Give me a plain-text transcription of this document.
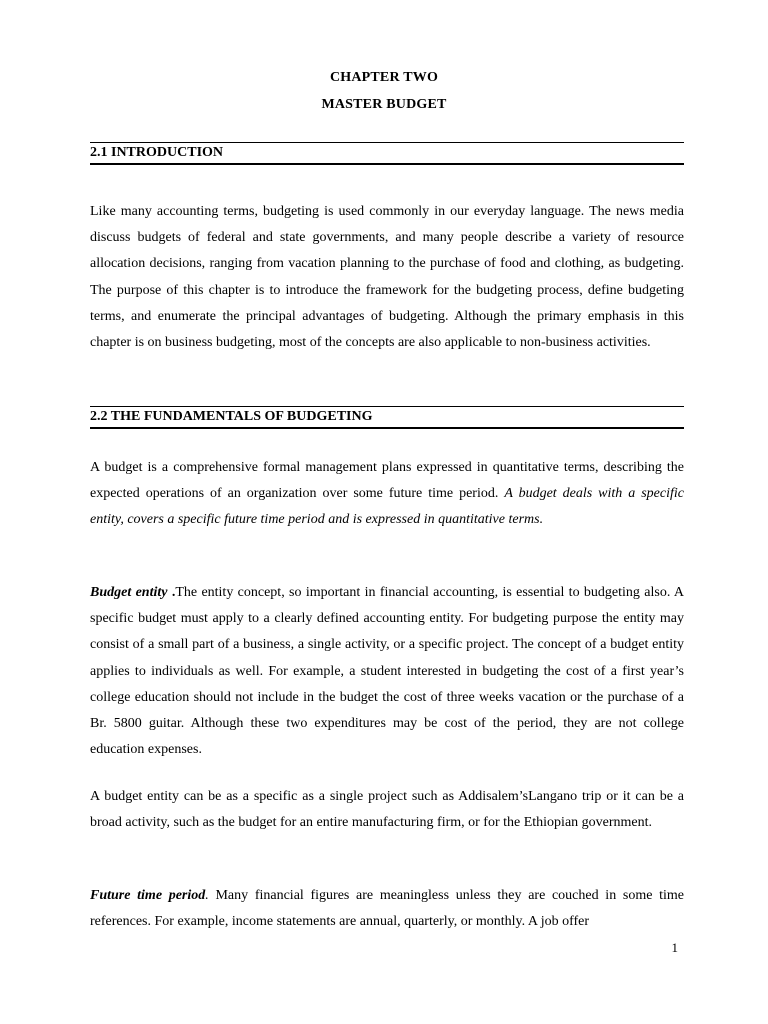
CHAPTER TWO
MASTER BUDGET
2.1 INTRODUCTION

Like many accounting terms, budgeting is used commonly in our everyday language. The news media discuss budgets of federal and state governments, and many people describe a variety of resource allocation decisions, ranging from vacation planning to the purchase of food and clothing, as budgeting. The purpose of this chapter is to introduce the framework for the budgeting process, define budgeting terms, and enumerate the principal advantages of budgeting. Although the primary emphasis in this chapter is on business budgeting, most of the concepts are also applicable to non-business activities.

2.2 THE FUNDAMENTALS OF BUDGETING

A budget is a comprehensive formal management plans expressed in quantitative terms, describing the expected operations of an organization over some future time period. A budget deals with a specific entity, covers a specific future time period and is expressed in quantitative terms.

Budget entity .The entity concept, so important in financial accounting, is essential to budgeting also. A specific budget must apply to a clearly defined accounting entity. For budgeting purpose the entity may consist of a small part of a business, a single activity, or a specific project. The concept of a budget entity applies to individuals as well. For example, a student interested in budgeting the cost of a first year’s college education should not include in the budget the cost of three weeks vacation or the purchase of a Br. 5800 guitar. Although these two expenditures may be cost of the period, they are not college education expenses.

A budget entity can be as a specific as a single project such as Addisalem’sLangano trip or it can be a broad activity, such as the budget for an entire manufacturing firm, or for the Ethiopian government.

Future time period. Many financial figures are meaningless unless they are couched in some time references. For example, income statements are annual, quarterly, or monthly. A job offer

1
